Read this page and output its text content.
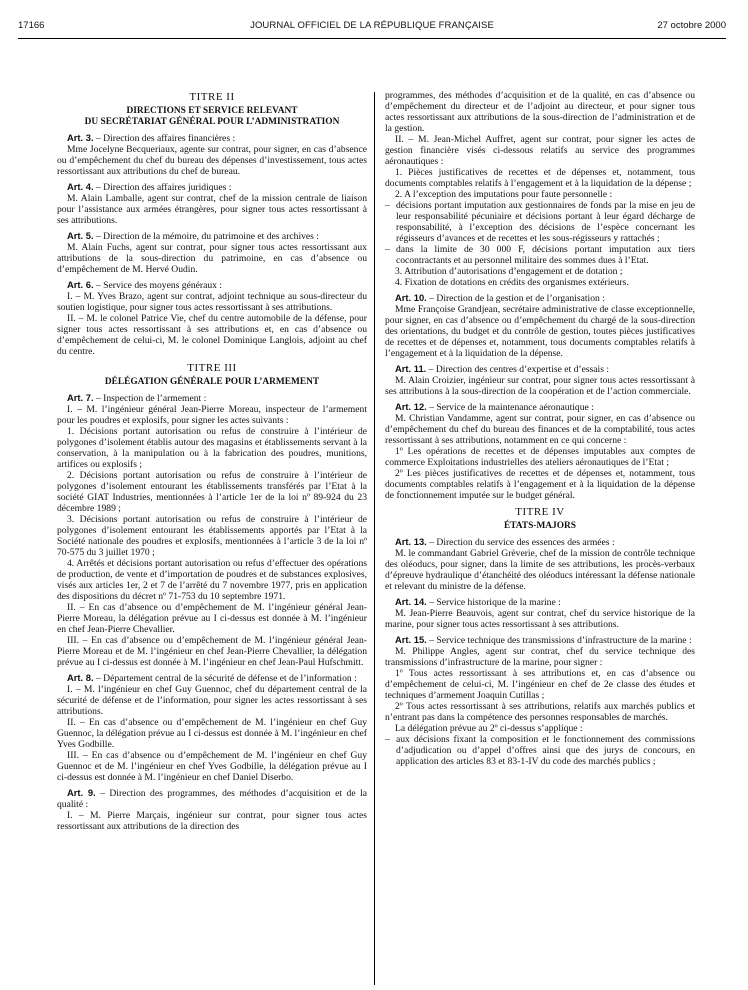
17166	JOURNAL OFFICIEL DE LA RÉPUBLIQUE FRANÇAISE	27 octobre 2000

TITRE II

DIRECTIONS ET SERVICE RELEVANT
DU SECRÉTARIAT GÉNÉRAL POUR L’ADMINISTRATION

Art. 3. – Direction des affaires financières :

Mme Jocelyne Becqueriaux, agente sur contrat, pour signer, en cas d’absence ou d’empêchement du chef du bureau des dépenses d’investissement, tous actes ressortissant aux attributions du chef de bureau.

Art. 4. – Direction des affaires juridiques :

M. Alain Lamballe, agent sur contrat, chef de la mission centrale de liaison pour l’assistance aux armées étrangères, pour signer tous actes ressortissant à ses attributions.

Art. 5. – Direction de la mémoire, du patrimoine et des archives :

M. Alain Fuchs, agent sur contrat, pour signer tous actes ressortissant aux attributions de la sous-direction du patrimoine, en cas d’absence ou d’empêchement de M. Hervé Oudin.

Art. 6. – Service des moyens généraux :

I. – M. Yves Brazo, agent sur contrat, adjoint technique au sous-directeur du soutien logistique, pour signer tous actes ressortissant à ses attributions.

II. – M. le colonel Patrice Vie, chef du centre automobile de la défense, pour signer tous actes ressortissant à ses attributions et, en cas d’absence ou d’empêchement de celui-ci, M. le colonel Dominique Langlois, adjoint au chef du centre.

TITRE III

DÉLÉGATION GÉNÉRALE POUR L’ARMEMENT

Art. 7. – Inspection de l’armement :

I. – M. l’ingénieur général Jean-Pierre Moreau, inspecteur de l’armement pour les poudres et explosifs, pour signer les actes suivants :

1. Décisions portant autorisation ou refus de construire à l’intérieur de polygones d’isolement établis autour des magasins et établissements servant à la conservation, à la manipulation ou à la fabrication des poudres, munitions, artifices ou explosifs ;

2. Décisions portant autorisation ou refus de construire à l’intérieur de polygones d’isolement entourant les établissements transférés par l’Etat à la société GIAT Industries, mentionnées à l’article 1er de la loi nº 89-924 du 23 décembre 1989 ;

3. Décisions portant autorisation ou refus de construire à l’intérieur de polygones d’isolement entourant les établissements apportés par l’Etat à la Société nationale des poudres et explosifs, mentionnées à l’article 3 de la loi nº 70-575 du 3 juillet 1970 ;

4. Arrêtés et décisions portant autorisation ou refus d’effectuer des opérations de production, de vente et d’importation de poudres et de substances explosives, visés aux articles 1er, 2 et 7 de l’arrêté du 7 novembre 1977, pris en application des dispositions du décret nº 71-753 du 10 septembre 1971.

II. – En cas d’absence ou d’empêchement de M. l’ingénieur général Jean-Pierre Moreau, la délégation prévue au I ci-dessus est donnée à M. l’ingénieur en chef Jean-Pierre Chevallier.

III. – En cas d’absence ou d’empêchement de M. l’ingénieur général Jean-Pierre Moreau et de M. l’ingénieur en chef Jean-Pierre Chevallier, la délégation prévue au I ci-dessus est donnée à M. l’ingénieur en chef Jean-Paul Hufschmitt.

Art. 8. – Département central de la sécurité de défense et de l’information :

I. – M. l’ingénieur en chef Guy Guennoc, chef du département central de la sécurité de défense et de l’information, pour signer les actes ressortissant à ses attributions.

II. – En cas d’absence ou d’empêchement de M. l’ingénieur en chef Guy Guennoc, la délégation prévue au I ci-dessus est donnée à M. l’ingénieur en chef Yves Godbille.

III. – En cas d’absence ou d’empêchement de M. l’ingénieur en chef Guy Guennoc et de M. l’ingénieur en chef Yves Godbille, la délégation prévue au I ci-dessus est donnée à M. l’ingénieur en chef Daniel Diserbo.

Art. 9. – Direction des programmes, des méthodes d’acquisition et de la qualité :

I. – M. Pierre Marçais, ingénieur sur contrat, pour signer tous actes ressortissant aux attributions de la direction des

programmes, des méthodes d’acquisition et de la qualité, en cas d’absence ou d’empêchement du directeur et de l’adjoint au directeur, et pour signer tous actes ressortissant aux attributions de la sous-direction de l’administration et de la gestion.

II. – M. Jean-Michel Auffret, agent sur contrat, pour signer les actes de gestion financière visés ci-dessous relatifs au service des programmes aéronautiques :

1. Pièces justificatives de recettes et de dépenses et, notamment, tous documents comptables relatifs à l’engagement et à la liquidation de la dépense ;

2. A l’exception des imputations pour faute personnelle :

– décisions portant imputation aux gestionnaires de fonds par la mise en jeu de leur responsabilité pécuniaire et décisions portant à leur égard décharge de responsabilité, à l’exception des décisions de l’espèce concernant les régisseurs d’avances et de recettes et les sous-régisseurs y rattachés ;

– dans la limite de 30 000 F, décisions portant imputation aux tiers cocontractants et au personnel militaire des sommes dues à l’Etat.

3. Attribution d’autorisations d’engagement et de dotation ;

4. Fixation de dotations en crédits des organismes extérieurs.

Art. 10. – Direction de la gestion et de l’organisation :

Mme Françoise Grandjean, secrétaire administrative de classe exceptionnelle, pour signer, en cas d’absence ou d’empêchement du chargé de la sous-direction des orientations, du budget et du contrôle de gestion, toutes pièces justificatives de recettes et de dépenses et, notamment, tous documents comptables relatifs à l’engagement et à la liquidation de la dépense.

Art. 11. – Direction des centres d’expertise et d’essais :

M. Alain Croizier, ingénieur sur contrat, pour signer tous actes ressortissant à ses attributions à la sous-direction de la coopération et de l’action commerciale.

Art. 12. – Service de la maintenance aéronautique :

M. Christian Vandamme, agent sur contrat, pour signer, en cas d’absence ou d’empêchement du chef du bureau des finances et de la comptabilité, tous actes ressortissant à ses attributions, notamment en ce qui concerne :

1º Les opérations de recettes et de dépenses imputables aux comptes de commerce Exploitations industrielles des ateliers aéronautiques de l’Etat ;

2º Les pièces justificatives de recettes et de dépenses et, notamment, tous documents comptables relatifs à l’engagement et à la liquidation de la dépense de fonctionnement imputée sur le budget général.

TITRE IV

ÉTATS-MAJORS

Art. 13. – Direction du service des essences des armées :

M. le commandant Gabriel Grèverie, chef de la mission de contrôle technique des oléoducs, pour signer, dans la limite de ses attributions, les procès-verbaux d’épreuve hydraulique d’étanchéité des oléoducs intéressant la défense nationale et relevant du ministre de la défense.

Art. 14. – Service historique de la marine :

M. Jean-Pierre Beauvois, agent sur contrat, chef du service historique de la marine, pour signer tous actes ressortissant à ses attributions.

Art. 15. – Service technique des transmissions d’infrastructure de la marine :

M. Philippe Angles, agent sur contrat, chef du service technique des transmissions d’infrastructure de la marine, pour signer :

1º Tous actes ressortissant à ses attributions et, en cas d’absence ou d’empêchement de celui-ci, M. l’ingénieur en chef de 2e classe des études et techniques d’armement Joaquin Cutillas ;

2º Tous actes ressortissant à ses attributions, relatifs aux marchés publics et n’entrant pas dans la compétence des personnes responsables de marchés.

La délégation prévue au 2º ci-dessus s’applique :

– aux décisions fixant la composition et le fonctionnement des commissions d’adjudication ou d’appel d’offres ainsi que des jurys de concours, en application des articles 83 et 83-1-IV du code des marchés publics ;
